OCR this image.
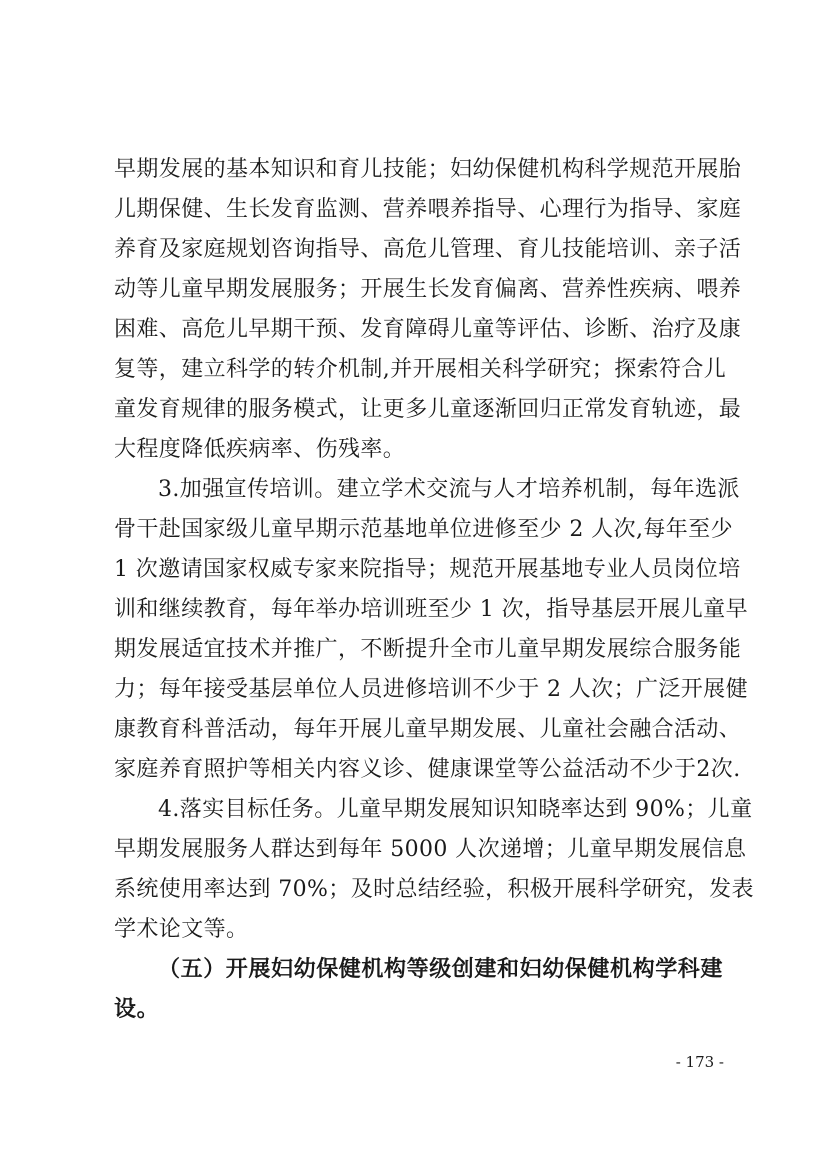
早期发展的基本知识和育儿技能；妇幼保健机构科学规范开展胎
儿期保健、生长发育监测、营养喂养指导、心理行为指导、家庭
养育及家庭规划咨询指导、高危儿管理、育儿技能培训、亲子活
动等儿童早期发展服务；开展生长发育偏离、营养性疾病、喂养
困难、高危儿早期干预、发育障碍儿童等评估、诊断、治疗及康
复等，建立科学的转介机制,并开展相关科学研究；探索符合儿
童发育规律的服务模式，让更多儿童逐渐回归正常发育轨迹，最
大程度降低疾病率、伤残率。
3.加强宣传培训。建立学术交流与人才培养机制，每年选派
骨干赴国家级儿童早期示范基地单位进修至少 2 人次,每年至少
1 次邀请国家权威专家来院指导；规范开展基地专业人员岗位培
训和继续教育，每年举办培训班至少 1 次，指导基层开展儿童早
期发展适宜技术并推广，不断提升全市儿童早期发展综合服务能
力；每年接受基层单位人员进修培训不少于 2 人次；广泛开展健
康教育科普活动，每年开展儿童早期发展、儿童社会融合活动、
家庭养育照护等相关内容义诊、健康课堂等公益活动不少于2次.
4.落实目标任务。儿童早期发展知识知晓率达到 90%；儿童
早期发展服务人群达到每年 5000 人次递增；儿童早期发展信息
系统使用率达到 70%；及时总结经验，积极开展科学研究，发表
学术论文等。
（五）开展妇幼保健机构等级创建和妇幼保健机构学科建
设。
- 173 -
